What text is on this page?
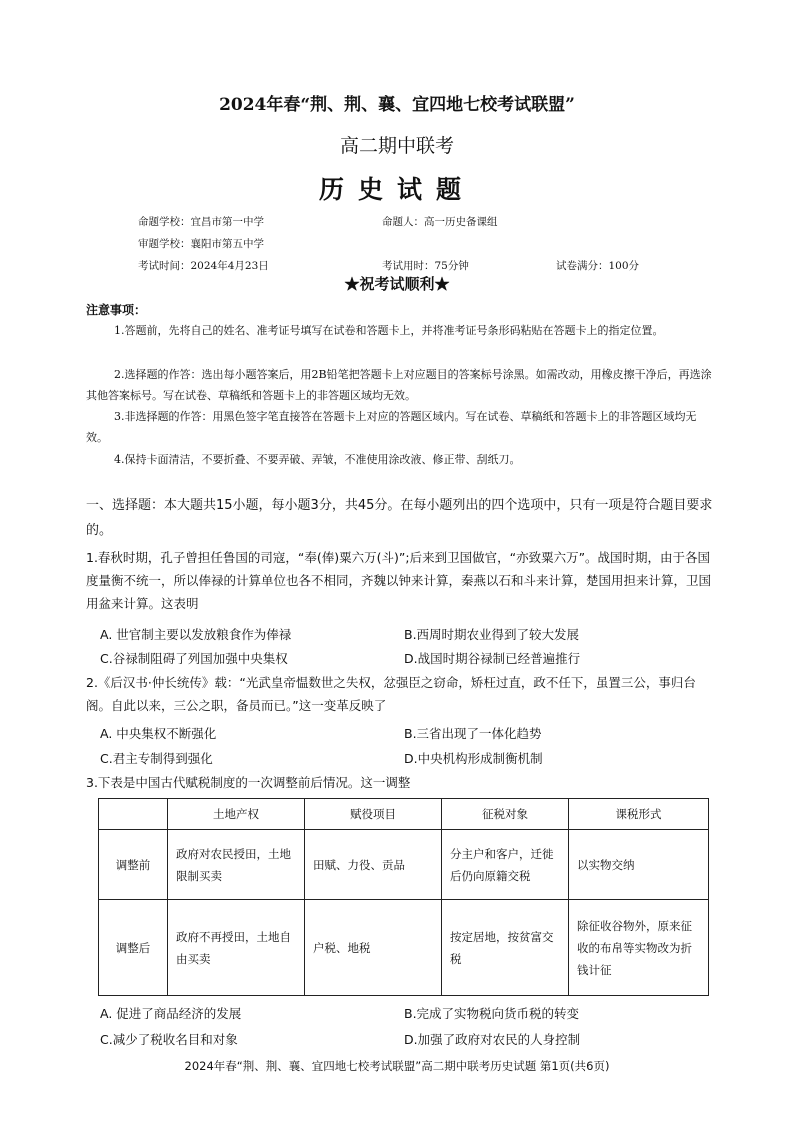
2024年春“荆、荆、襄、宜四地七校考试联盟”
高二期中联考
历史试题
命题学校：宜昌市第一中学	命题人：高一历史备课组
审题学校：襄阳市第五中学
考试时间：2024年4月23日	考试用时：75分钟	试卷满分：100分
★祝考试顺利★
注意事项：
1.答题前，先将自己的姓名、准考证号填写在试卷和答题卡上，并将准考证号条形码粘贴在答题卡上的指定位置。
2.选择题的作答：选出每小题答案后，用2B铅笔把答题卡上对应题目的答案标号涂黑。如需改动，用橡皮擦干净后，再选涂其他答案标号。写在试卷、草稿纸和答题卡上的非答题区域均无效。
3.非选择题的作答：用黑色签字笔直接答在答题卡上对应的答题区域内。写在试卷、草稿纸和答题卡上的非答题区域均无效。
4.保持卡面清洁，不要折叠、不要弄破、弄皱，不准使用涂改液、修正带、刮纸刀。
一、选择题：本大题共15小题，每小题3分，共45分。在每小题列出的四个选项中，只有一项是符合题目要求的。
1.春秋时期，孔子曾担任鲁国的司寇，“奉(俸)粟六万(斗)”;后来到卫国做官，“亦致粟六万”。战国时期，由于各国度量衡不统一，所以俸禄的计算单位也各不相同，齐魏以钟来计算，秦燕以石和斗来计算，楚国用担来计算，卫国用盆来计算。这表明
A. 世官制主要以发放粮食作为俸禄	B.西周时期农业得到了较大发展
C.谷禄制阻碍了列国加强中央集权	D.战国时期谷禄制已经普遍推行
2.《后汉书·仲长统传》载：“光武皇帝愠数世之失权，忿强臣之窃命，矫枉过直，政不任下，虽置三公，事归台阁。自此以来，三公之职，备员而已。”这一变革反映了
A. 中央集权不断强化	B.三省出现了一体化趋势
C.君主专制得到强化	D.中央机构形成制衡机制
3.下表是中国古代赋税制度的一次调整前后情况。这一调整
	土地产权	赋役项目	征税对象	课税形式
调整前	政府对农民授田，土地限制买卖	田赋、力役、贡品	分主户和客户，迁徙后仍向原籍交税	以实物交纳
调整后	政府不再授田，土地自由买卖	户税、地税	按定居地，按贫富交税	除征收谷物外，原来征收的布帛等实物改为折钱计征
A. 促进了商品经济的发展	B.完成了实物税向货币税的转变
C.减少了税收名目和对象	D.加强了政府对农民的人身控制
2024年春“荆、荆、襄、宜四地七校考试联盟”高二期中联考历史试题 第1页(共6页)
